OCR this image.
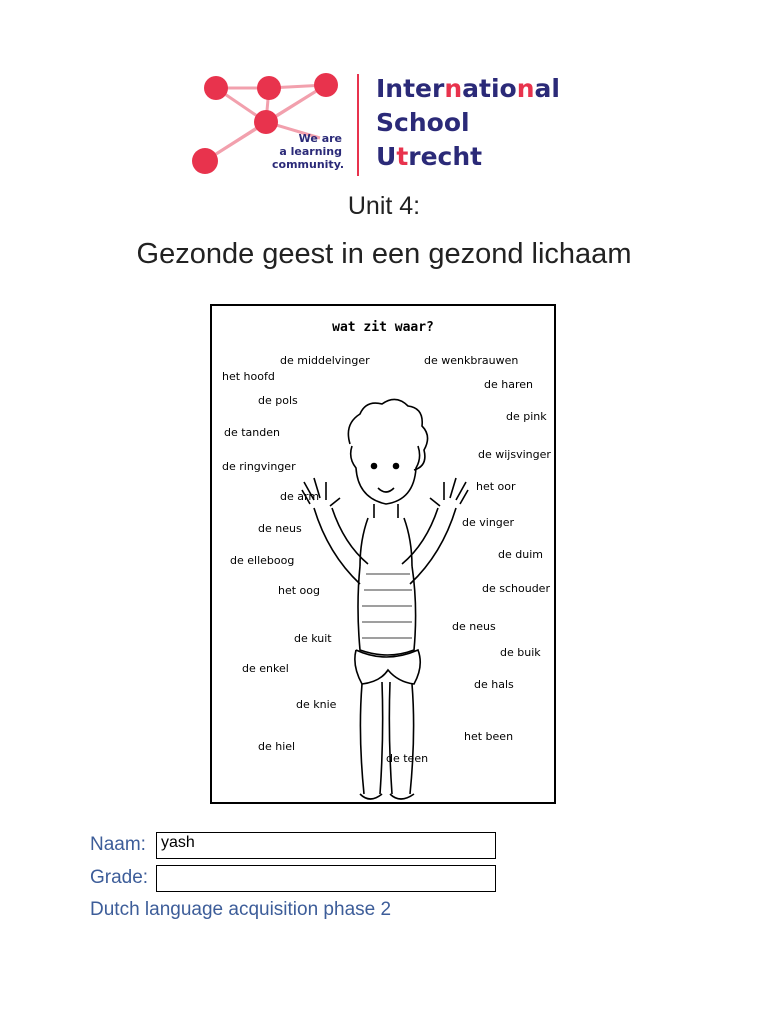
We are
a learning
community.
International
School
Utrecht
Unit 4:
Gezonde geest in een gezond lichaam
wat zit waar?
de middelvinger	de wenkbrauwen
het hoofd
de haren
de pols
de pink
de tanden
de wijsvinger
de ringvinger
het oor
de arm
de vinger
de neus
de duim
de elleboog
de schouder
het oog
de neus
de kuit
de buik
de enkel
de hals
de knie
het been
de hiel
de teen
Naam: yash
Grade:
Dutch language acquisition phase 2
